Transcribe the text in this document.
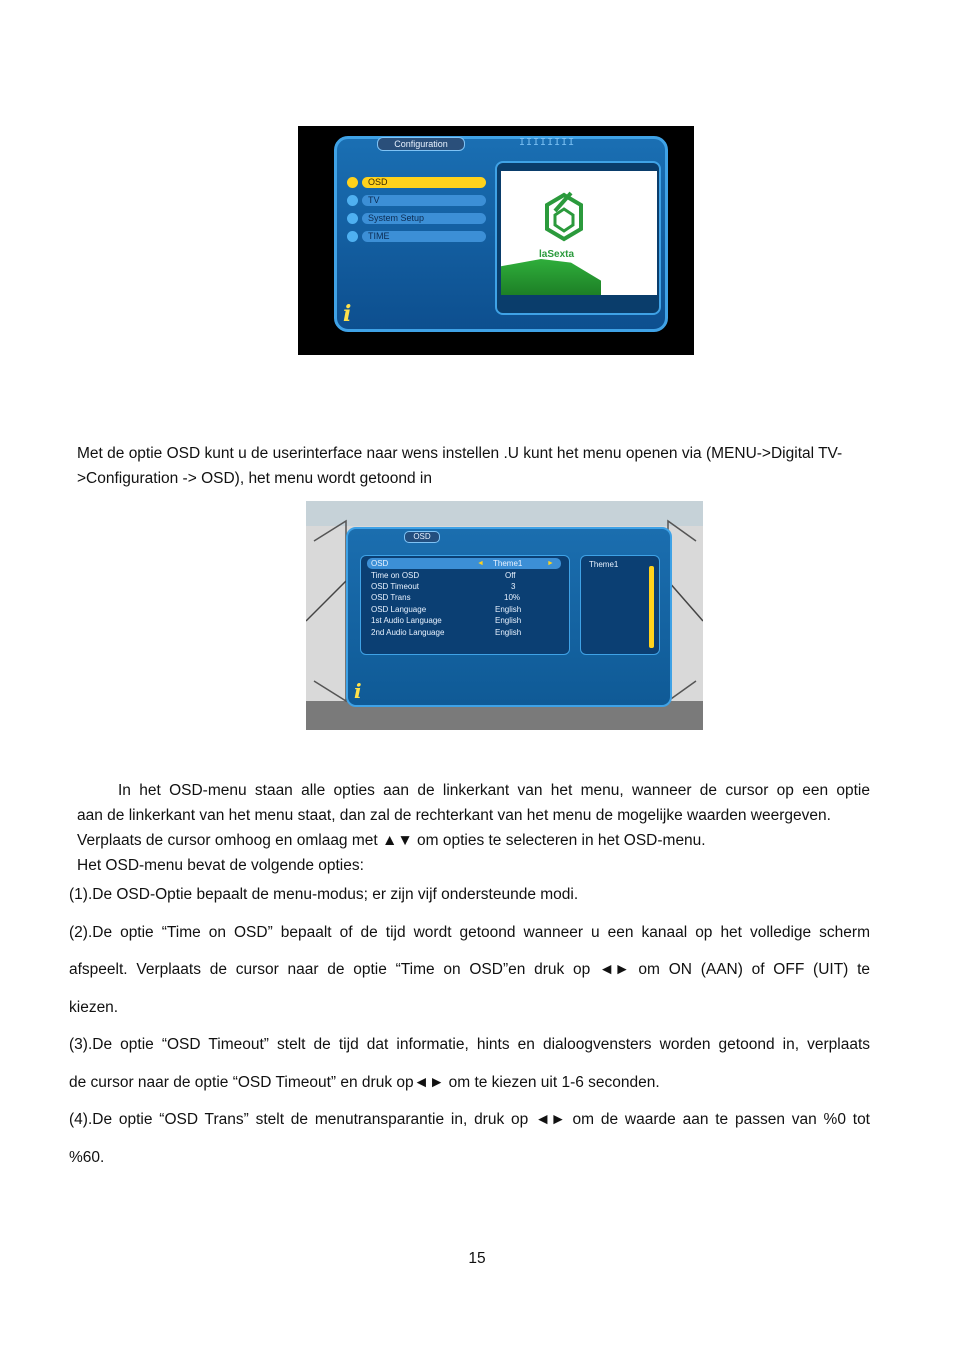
Configuration	IIIIIIII
OSD
TV
System Setup
TIME
laSexta
i

Met de optie OSD kunt u de userinterface naar wens instellen .U kunt het menu openen via (MENU->Digital TV->Configuration -> OSD), het menu wordt getoond in

OSD
OSD	◄ Theme1	►
Time on OSD	Off
OSD Timeout	3
OSD Trans	10%
OSD Language	English
1st Audio Language	English
2nd Audio Language	English
Theme1
i

In het OSD-menu staan alle opties aan de linkerkant van het menu, wanneer de cursor op een optie

aan de linkerkant van het menu staat, dan zal de rechterkant van het menu de mogelijke waarden weergeven.

Verplaats de cursor omhoog en omlaag met ▲▼ om opties te selecteren in het OSD-menu.

Het OSD-menu bevat de volgende opties:

(1).De OSD-Optie bepaalt de menu-modus; er zijn vijf ondersteunde modi.

(2).De optie “Time on OSD” bepaalt of de tijd wordt getoond wanneer u een kanaal op het volledige scherm

afspeelt. Verplaats de cursor naar de optie “Time on OSD”en druk op ◄► om ON (AAN) of OFF (UIT) te

kiezen.

(3).De optie “OSD Timeout” stelt de tijd dat informatie, hints en dialoogvensters worden getoond in, verplaats

de cursor naar de optie “OSD Timeout” en druk op◄► om te kiezen uit 1-6 seconden.

(4).De optie “OSD Trans” stelt de menutransparantie in, druk op ◄► om de waarde aan te passen van %0 tot

%60.

15
